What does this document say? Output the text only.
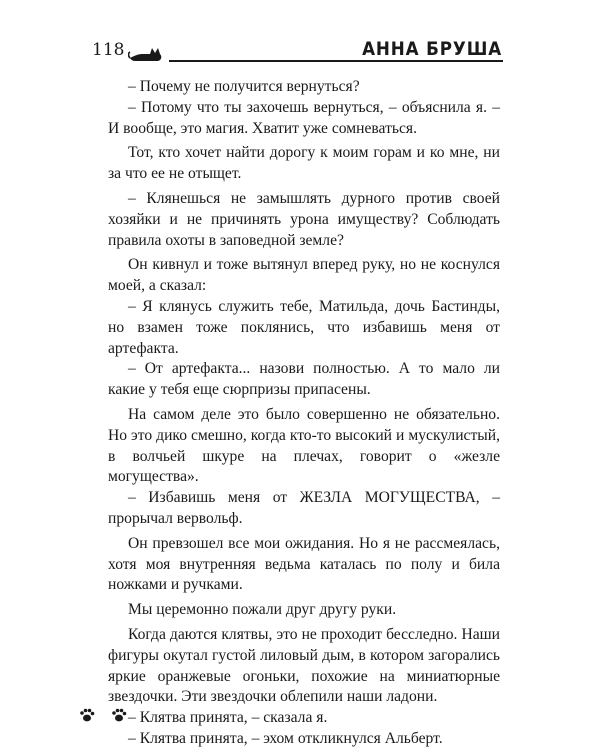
118	АННА БРУША

– Почему не получится вернуться?

– Потому что ты захочешь вернуться, – объяснила я. – И вообще, это магия. Хватит уже сомневаться.

Тот, кто хочет найти дорогу к моим горам и ко мне, ни за что ее не отыщет.

– Клянешься не замышлять дурного против своей хозяйки и не причинять урона имуществу? Соблюдать правила охоты в заповедной земле?

Он кивнул и тоже вытянул вперед руку, но не коснулся моей, а сказал:

– Я клянусь служить тебе, Матильда, дочь Бастинды, но взамен тоже поклянись, что избавишь меня от артефакта.

– От артефакта... назови полностью. А то мало ли какие у тебя еще сюрпризы припасены.

На самом деле это было совершенно не обязательно. Но это дико смешно, когда кто-то высокий и мускулистый, в волчьей шкуре на плечах, говорит о «жезле могущества».

– Избавишь меня от ЖЕЗЛА МОГУЩЕСТВА, – прорычал вервольф.

Он превзошел все мои ожидания. Но я не рассмеялась, хотя моя внутренняя ведьма каталась по полу и била ножками и ручками.

Мы церемонно пожали друг другу руки.

Когда даются клятвы, это не проходит бесследно. Наши фигуры окутал густой лиловый дым, в котором загорались яркие оранжевые огоньки, похожие на миниатюрные звездочки. Эти звездочки облепили наши ладони.

– Клятва принята, – сказала я.

– Клятва принята, – эхом откликнулся Альберт.
